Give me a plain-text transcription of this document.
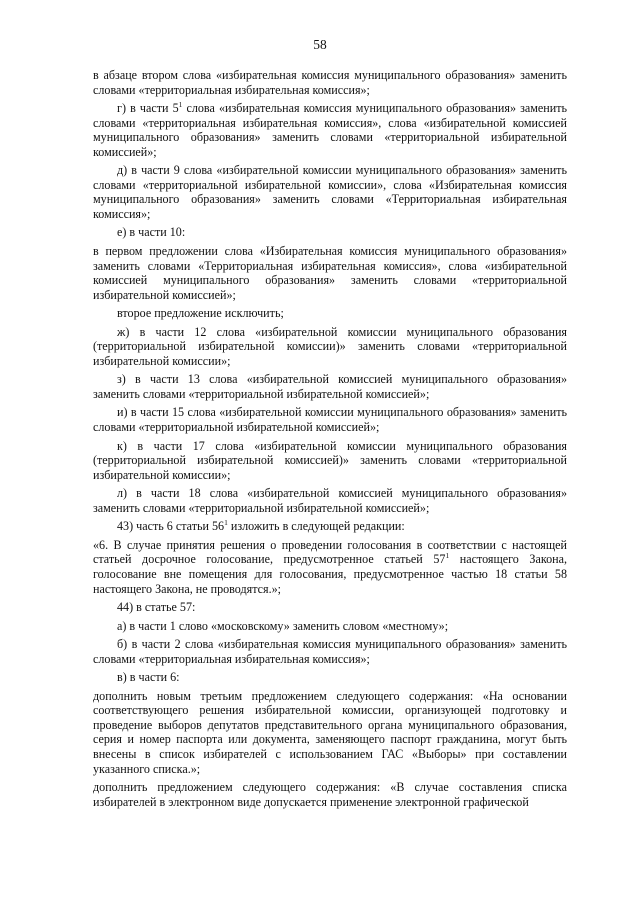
58

в абзаце втором слова «избирательная комиссия муниципального образования» заменить словами «территориальная избирательная комиссия»;

г) в части $5^1$ слова «избирательная комиссия муниципального образования» заменить словами «территориальная избирательная комиссия», слова «избирательной комиссией муниципального образования» заменить словами «территориальной избирательной комиссией»;

д) в части 9 слова «избирательной комиссии муниципального образования» заменить словами «территориальной избирательной комиссии», слова «Избирательная комиссия муниципального образования» заменить словами «Территориальная избирательная комиссия»;

е) в части 10:

в первом предложении слова «Избирательная комиссия муниципального образования» заменить словами «Территориальная избирательная комиссия», слова «избирательной комиссией муниципального образования» заменить словами «территориальной избирательной комиссией»;

второе предложение исключить;

ж) в части 12 слова «избирательной комиссии муниципального образования (территориальной избирательной комиссии)» заменить словами «территориальной избирательной комиссии»;

з) в части 13 слова «избирательной комиссией муниципального образования» заменить словами «территориальной избирательной комиссией»;

и) в части 15 слова «избирательной комиссии муниципального образования» заменить словами «территориальной избирательной комиссией»;

к) в части 17 слова «избирательной комиссии муниципального образования (территориальной избирательной комиссией)» заменить словами «территориальной избирательной комиссии»;

л) в части 18 слова «избирательной комиссией муниципального образования» заменить словами «территориальной избирательной комиссией»;

43) часть 6 статьи $56^1$ изложить в следующей редакции:

«6. В случае принятия решения о проведении голосования в соответствии с настоящей статьей досрочное голосование, предусмотренное статьей $57^1$ настоящего Закона, голосование вне помещения для голосования, предусмотренное частью 18 статьи 58 настоящего Закона, не проводятся.»;

44) в статье 57:

а) в части 1 слово «московскому» заменить словом «местному»;

б) в части 2 слова «избирательная комиссия муниципального образования» заменить словами «территориальная избирательная комиссия»;

в) в части 6:

дополнить новым третьим предложением следующего содержания: «На основании соответствующего решения избирательной комиссии, организующей подготовку и проведение выборов депутатов представительного органа муниципального образования, серия и номер паспорта или документа, заменяющего паспорт гражданина, могут быть внесены в список избирателей с использованием ГАС «Выборы» при составлении указанного списка.»;

дополнить предложением следующего содержания: «В случае составления списка избирателей в электронном виде допускается применение электронной графической
